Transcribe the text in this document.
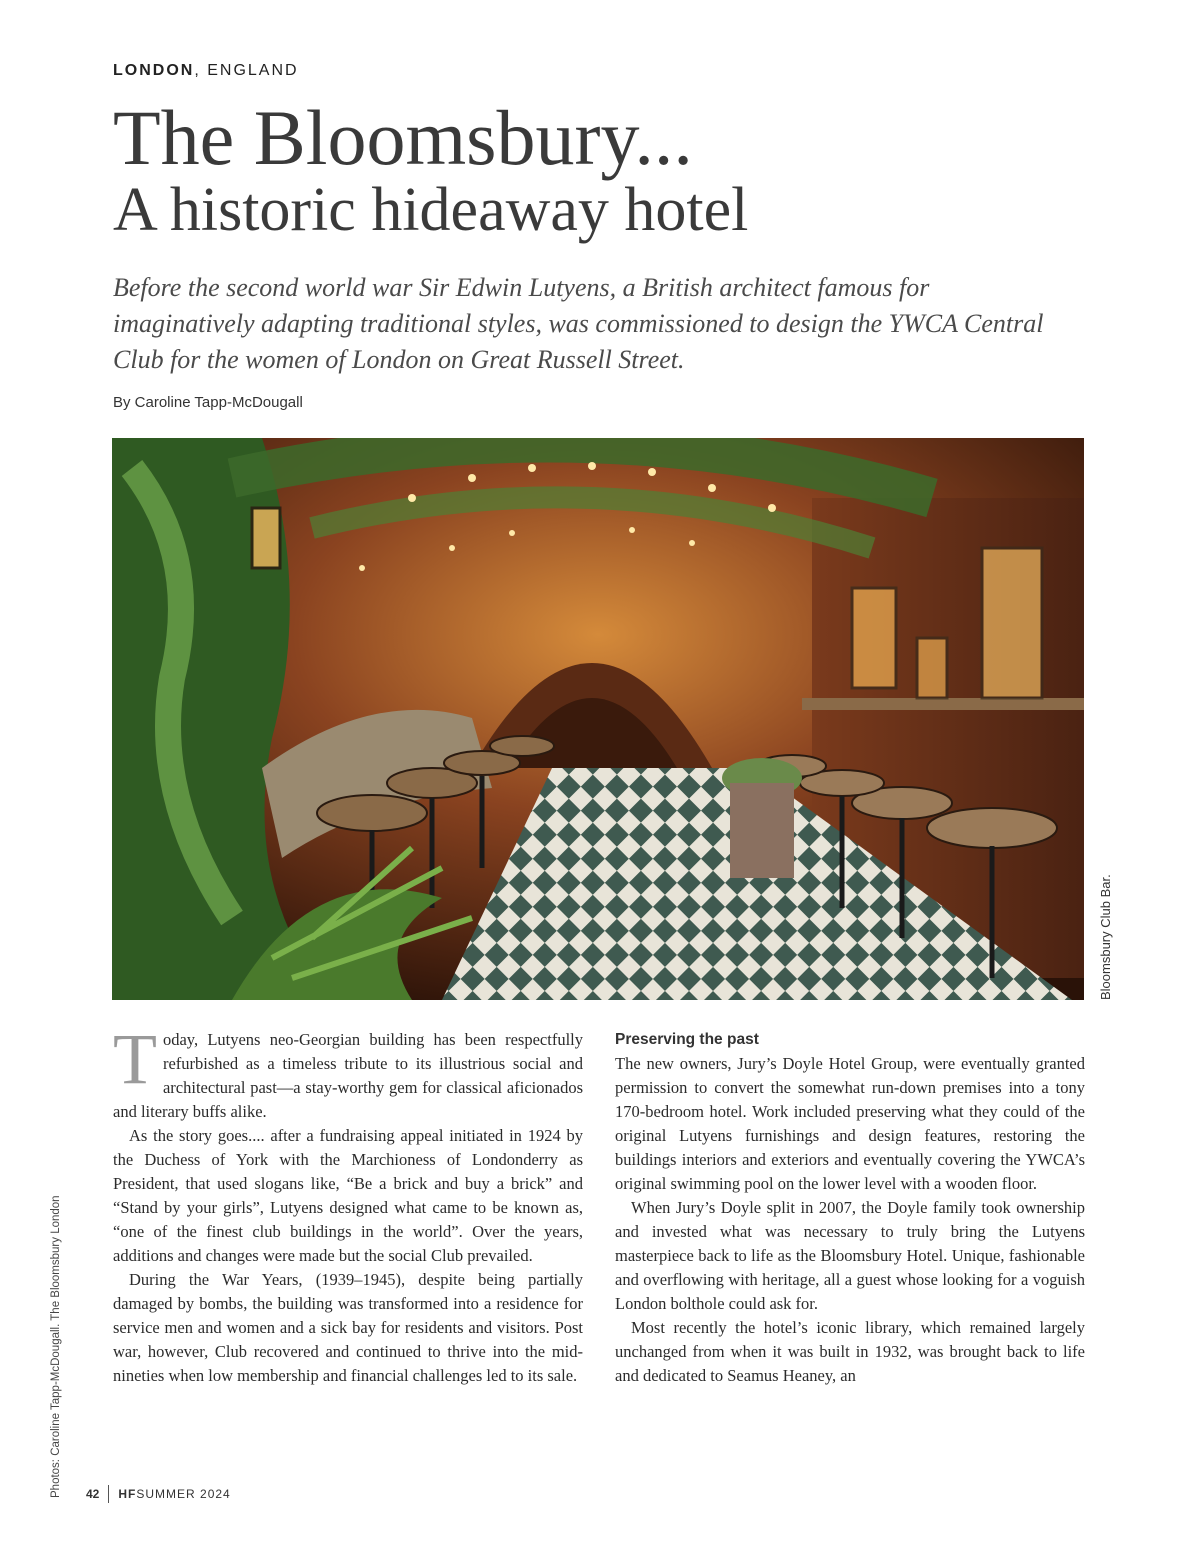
LONDON, ENGLAND
The Bloomsbury...
A historic hideaway hotel

Before the second world war Sir Edwin Lutyens, a British architect famous for imaginatively adapting traditional styles, was commissioned to design the YWCA Central Club for the women of London on Great Russell Street.

By Caroline Tapp-McDougall
Bloomsbury Club Bar.
Photos: Caroline Tapp-McDougall. The Bloomsbury London

Today, Lutyens neo-Georgian building has been respectfully refurbished as a timeless tribute to its illustrious social and architectural past—a stay-worthy gem for classical aficionados and literary buffs alike.

As the story goes.... after a fundraising appeal initiated in 1924 by the Duchess of York with the Marchioness of Londonderry as President, that used slogans like, “Be a brick and buy a brick” and “Stand by your girls”, Lutyens designed what came to be known as, “one of the finest club buildings in the world”. Over the years, additions and changes were made but the social Club prevailed.

During the War Years, (1939–1945), despite being partially damaged by bombs, the building was transformed into a residence for service men and women and a sick bay for residents and visitors. Post war, however, Club recovered and continued to thrive into the mid-nineties when low membership and financial challenges led to its sale.

Preserving the past

The new owners, Jury’s Doyle Hotel Group, were eventually granted permission to convert the somewhat run-down premises into a tony 170-bedroom hotel. Work included preserving what they could of the original Lutyens furnishings and design features, restoring the buildings interiors and exteriors and eventually covering the YWCA’s original swimming pool on the lower level with a wooden floor.

When Jury’s Doyle split in 2007, the Doyle family took ownership and invested what was necessary to truly bring the Lutyens masterpiece back to life as the Bloomsbury Hotel. Unique, fashionable and overflowing with heritage, all a guest whose looking for a voguish London bolthole could ask for.

Most recently the hotel’s iconic library, which remained largely unchanged from when it was built in 1932, was brought back to life and dedicated to Seamus Heaney, an

42 HFSUMMER 2024
